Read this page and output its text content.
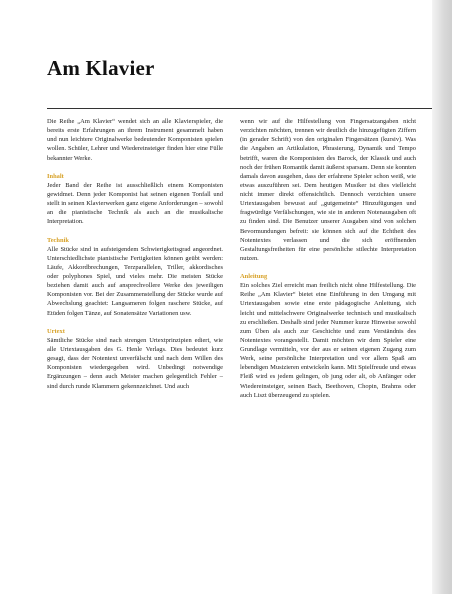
Am Klavier

Die Reihe „Am Klavier“ wendet sich an alle Klavierspieler, die bereits erste Erfahrungen an ihrem Instrument gesammelt haben und nun leichtere Originalwerke bedeutender Komponisten spielen wollen. Schüler, Lehrer und Wiedereinsteiger finden hier eine Fülle bekannter Werke.

Inhalt

Jeder Band der Reihe ist ausschließlich einem Komponisten gewidmet. Denn jeder Komponist hat seinen eigenen Tonfall und stellt in seinen Klavierwerken ganz eigene Anforderungen – sowohl an die pianistische Technik als auch an die musikalische Interpretation.

Technik

Alle Stücke sind in aufsteigendem Schwierigkeitsgrad angeordnet. Unterschiedlichste pianistische Fertigkeiten können geübt werden: Läufe, Akkordbrechungen, Terzparallelen, Triller, akkordisches oder polyphones Spiel, und vieles mehr. Die meisten Stücke beziehen damit auch auf ansprechvollere Werke des jeweiligen Komponisten vor. Bei der Zusammenstellung der Stücke wurde auf Abwechslung geachtet: Langsameren folgen raschere Stücke, auf Etüden folgen Tänze, auf Sonatensätze Variationen usw.

Urtext

Sämtliche Stücke sind nach strengen Urtextprinzipien ediert, wie alle Urtextausgaben des G. Henle Verlags. Dies bedeutet kurz gesagt, dass der Notentext unverfälscht und nach dem Willen des Komponisten wiedergegeben wird. Unbedingt notwendige Ergänzungen – denn auch Meister machen gelegentlich Fehler – sind durch runde Klammern gekennzeichnet. Und auch

wenn wir auf die Hilfestellung von Fingersatzangaben nicht verzichten möchten, trennen wir deutlich die hinzugefügten Ziffern (in gerader Schrift) von den originalen Fingersätzen (kursiv). Was die Angaben an Artikulation, Phrasierung, Dynamik und Tempo betrifft, waren die Komponisten des Barock, der Klassik und auch noch der frühen Romantik damit äußerst sparsam. Denn sie konnten damals davon ausgehen, dass der erfahrene Spieler schon weiß, wie etwas auszuführen sei. Dem heutigen Musiker ist dies vielleicht nicht immer direkt offensichtlich. Dennoch verzichten unsere Urtextausgaben bewusst auf „gutgemeinte“ Hinzufügungen und fragwürdige Verfälschungen, wie sie in anderen Notenausgaben oft zu finden sind. Die Benutzer unserer Ausgaben sind von solchen Bevormundungen befreit: sie können sich auf die Echtheit des Notentextes verlassen und die sich eröffnenden Gestaltungsfreiheiten für eine persönliche stilechte Interpretation nutzen.

Anleitung

Ein solches Ziel erreicht man freilich nicht ohne Hilfestellung. Die Reihe „Am Klavier“ bietet eine Einführung in den Umgang mit Urtextausgaben sowie eine erste pädagogische Anleitung, sich leicht und mittelschwere Originalwerke technisch und musikalisch zu erschließen. Deshalb sind jeder Nummer kurze Hinweise sowohl zum Üben als auch zur Geschichte und zum Verständnis des Notentextes vorangestellt. Damit möchten wir dem Spieler eine Grundlage vermitteln, vor der aus er seinen eigenen Zugang zum Werk, seine persönliche Interpretation und vor allem Spaß am lebendigen Musizieren entwickeln kann. Mit Spielfreude und etwas Fleiß wird es jedem gelingen, ob jung oder alt, ob Anfänger oder Wiedereinsteiger, seinen Bach, Beethoven, Chopin, Brahms oder auch Liszt überzeugend zu spielen.
